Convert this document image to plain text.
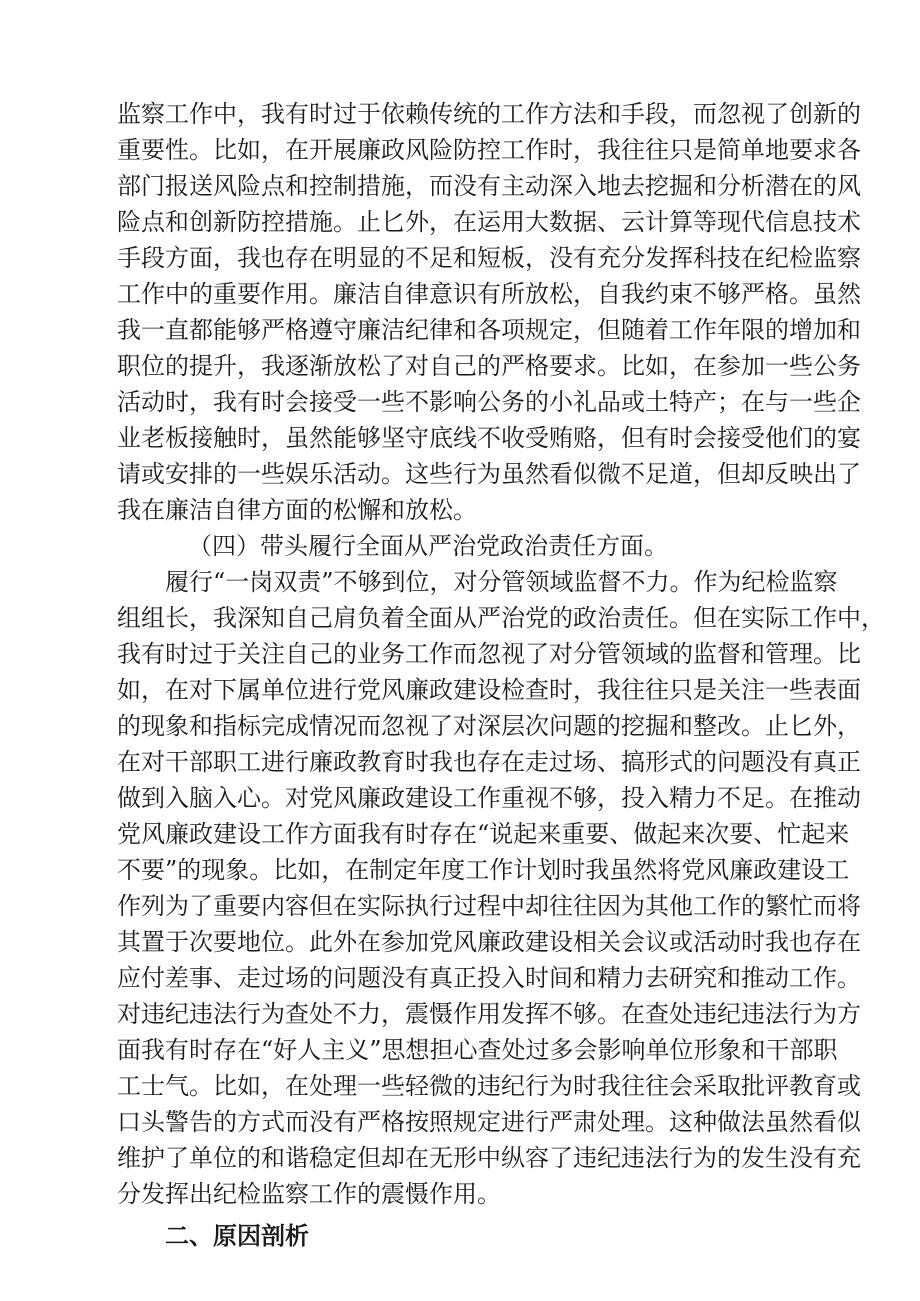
监察工作中，我有时过于依赖传统的工作方法和手段，而忽视了创新的
重要性。比如，在开展廉政风险防控工作时，我往往只是简单地要求各
部门报送风险点和控制措施，而没有主动深入地去挖掘和分析潜在的风
险点和创新防控措施。止匕外，在运用大数据、云计算等现代信息技术
手段方面，我也存在明显的不足和短板，没有充分发挥科技在纪检监察
工作中的重要作用。廉洁自律意识有所放松，自我约束不够严格。虽然
我一直都能够严格遵守廉洁纪律和各项规定，但随着工作年限的增加和
职位的提升，我逐渐放松了对自己的严格要求。比如，在参加一些公务
活动时，我有时会接受一些不影响公务的小礼品或土特产；在与一些企
业老板接触时，虽然能够坚守底线不收受贿赂，但有时会接受他们的宴
请或安排的一些娱乐活动。这些行为虽然看似微不足道，但却反映出了
我在廉洁自律方面的松懈和放松。
（四）带头履行全面从严治党政治责任方面。
履行“一岗双责”不够到位，对分管领域监督不力。作为纪检监察
组组长，我深知自己肩负着全面从严治党的政治责任。但在实际工作中，
我有时过于关注自己的业务工作而忽视了对分管领域的监督和管理。比
如，在对下属单位进行党风廉政建设检查时，我往往只是关注一些表面
的现象和指标完成情况而忽视了对深层次问题的挖掘和整改。止匕外，
在对干部职工进行廉政教育时我也存在走过场、搞形式的问题没有真正
做到入脑入心。对党风廉政建设工作重视不够，投入精力不足。在推动
党风廉政建设工作方面我有时存在“说起来重要、做起来次要、忙起来
不要”的现象。比如，在制定年度工作计划时我虽然将党风廉政建设工
作列为了重要内容但在实际执行过程中却往往因为其他工作的繁忙而将
其置于次要地位。此外在参加党风廉政建设相关会议或活动时我也存在
应付差事、走过场的问题没有真正投入时间和精力去研究和推动工作。
对违纪违法行为查处不力，震慑作用发挥不够。在查处违纪违法行为方
面我有时存在“好人主义”思想担心查处过多会影响单位形象和干部职
工士气。比如，在处理一些轻微的违纪行为时我往往会采取批评教育或
口头警告的方式而没有严格按照规定进行严肃处理。这种做法虽然看似
维护了单位的和谐稳定但却在无形中纵容了违纪违法行为的发生没有充
分发挥出纪检监察工作的震慑作用。
二、原因剖析
